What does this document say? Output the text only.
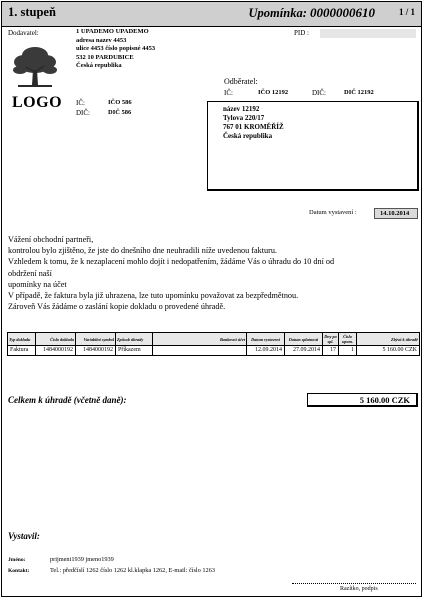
1. stupeň	Upomínka: 0000000610	1 / 1
Dodavatel:	1 UPADEMO UPADEMO
adresa nazev 4453
ulice 4453 číslo popisné 4453
532 10 PARDUBICE
Česká republika
PID :
LOGO IČ:	IČO 586
DIČ:	DIČ 586
Odběratel:
IČ:	IČO 12192	DIČ:	DIČ 12192
název 12192
Tylova 220/17
767 01 KROMĚŘÍŽ
Česká republika
Datum vystavení :	14.10.2014
Vážení obchodní partneři,
kontrolou bylo zjištěno, že jste do dnešního dne neuhradili níže uvedenou fakturu.
Vzhledem k tomu, že k nezaplacení mohlo dojít i nedopatřením, žádáme Vás o úhradu do 10 dní od
obdržení naší
upomínky na účet
V případě, že faktura byla již uhrazena, lze tuto upomínku považovat za bezpředmětnou.
Zároveň Vás žádáme o zaslání kopie dokladu o provedené úhradě.
Typ dokladu	Číslo dokladu	Variabilní symbol	Způsob úhrady	Bankovní účet	Datum vystavení	Datum splatnosti	Dny po spl.	Číslo upom.	Zbývá k úhradě
Faktura	1484000192	1484000192	Příkazem		12.09.2014	27.09.2014	17	1	5 160.00 CZK
Celkem k úhradě (včetně daně):	5 160.00 CZK
Vystavil:
Jméno:	prijmeni1939 jmeno1939
Kontakt:	Tel.: předčíslí 1262 číslo 1262 kl.klapka 1262, E-mail: číslo 1263
Razítko, podpis
